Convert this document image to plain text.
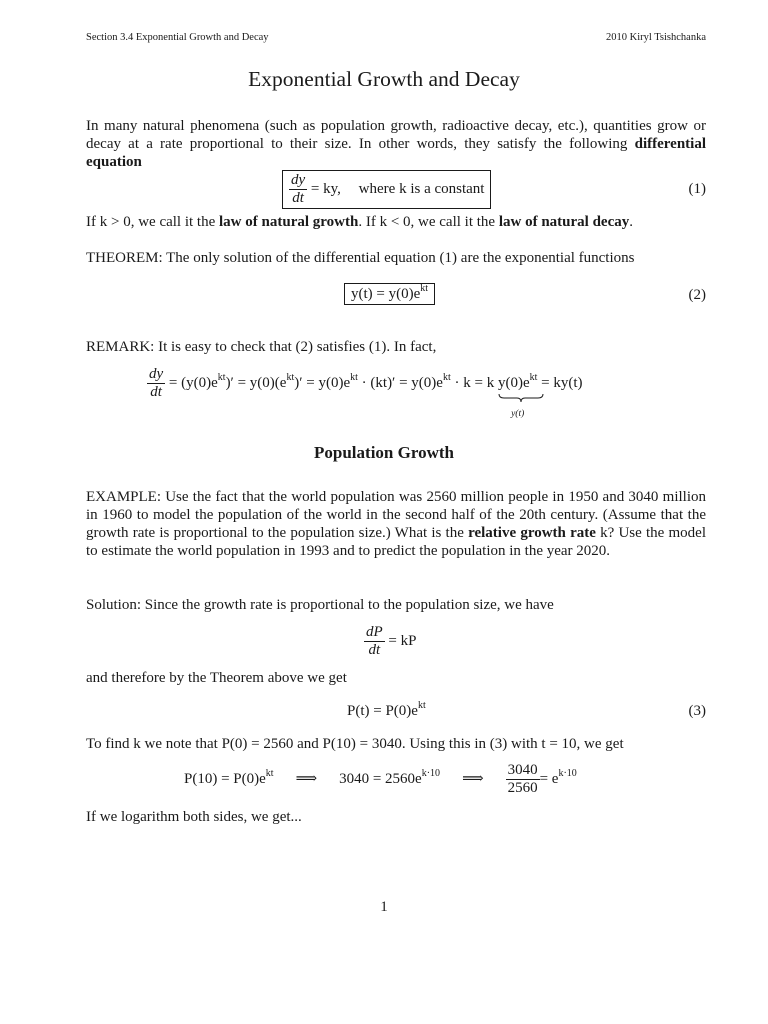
Section 3.4 Exponential Growth and Decay	2010 Kiryl Tsishchanka
Exponential Growth and Decay
In many natural phenomena (such as population growth, radioactive decay, etc.), quantities grow or decay at a rate proportional to their size. In other words, they satisfy the following differential equation
$\frac{dy}{dt}$ = ky, where k is a constant	(1)
If k > 0, we call it the law of natural growth. If k < 0, we call it the law of natural decay.
THEOREM: The only solution of the differential equation (1) are the exponential functions
$y(t) = y(0)e^{kt}$	(2)
REMARK: It is easy to check that (2) satisfies (1). In fact,
$\frac{dy}{dt} = (y(0)e^{kt})' = y(0)(e^{kt})' = y(0)e^{kt} \cdot (kt)' = y(0)e^{kt} \cdot k = k$ $y(0)e^{kt}$
y(t)
= ky(t)
Population Growth
EXAMPLE: Use the fact that the world population was 2560 million people in 1950 and 3040 million in 1960 to model the population of the world in the second half of the 20th century. (Assume that the growth rate is proportional to the population size.) What is the relative growth rate k? Use the model to estimate the world population in 1993 and to predict the population in the year 2020.
Solution: Since the growth rate is proportional to the population size, we have
$\frac{dP}{dt}$ = kP
and therefore by the Theorem above we get
$P(t) = P(0)e^{kt}$	(3)
To find k we note that P(0) = 2560 and P(10) = 3040. Using this in (3) with t = 10, we get
$P(10) = P(0)e^{kt}$ ⟹ $3040 = 2560e^{k\cdot 10}$ ⟹ $\frac{3040}{2560} = e^{k\cdot 10}$
If we logarithm both sides, we get...
1
